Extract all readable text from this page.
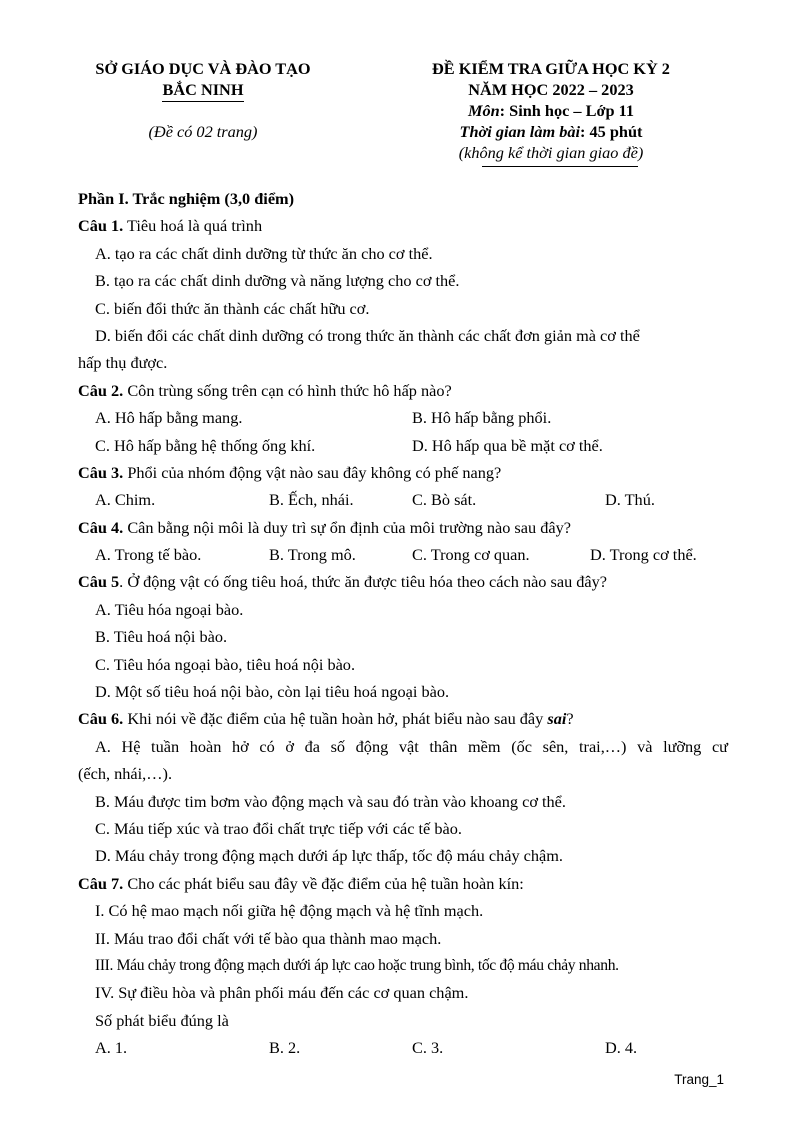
SỞ GIÁO DỤC VÀ ĐÀO TẠO
BẮC NINH
(Đề có 02 trang)
ĐỀ KIỂM TRA GIỮA HỌC KỲ 2
NĂM HỌC 2022 – 2023
Môn: Sinh học – Lớp 11
Thời gian làm bài: 45 phút
(không kể thời gian giao đề)
Phần I. Trắc nghiệm (3,0 điểm)
Câu 1. Tiêu hoá là quá trình
A. tạo ra các chất dinh dưỡng từ thức ăn cho cơ thể.
B. tạo ra các chất dinh dưỡng và năng lượng cho cơ thể.
C. biến đổi thức ăn thành các chất hữu cơ.
D. biến đổi các chất dinh dưỡng có trong thức ăn thành các chất đơn giản mà cơ thể
hấp thụ được.
Câu 2. Côn trùng sống trên cạn có hình thức hô hấp nào?
A. Hô hấp bằng mang.	B. Hô hấp bằng phổi.
C. Hô hấp bằng hệ thống ống khí.	D. Hô hấp qua bề mặt cơ thể.
Câu 3. Phổi của nhóm động vật nào sau đây không có phế nang?
A. Chim.	B. Ếch, nhái.	C. Bò sát.	D. Thú.
Câu 4. Cân bằng nội môi là duy trì sự ổn định của môi trường nào sau đây?
A. Trong tế bào.	B. Trong mô.	C. Trong cơ quan.	D. Trong cơ thể.
Câu 5. Ở động vật có ống tiêu hoá, thức ăn được tiêu hóa theo cách nào sau đây?
A. Tiêu hóa ngoại bào.
B. Tiêu hoá nội bào.
C. Tiêu hóa ngoại bào, tiêu hoá nội bào.
D. Một số tiêu hoá nội bào, còn lại tiêu hoá ngoại bào.
Câu 6. Khi nói về đặc điểm của hệ tuần hoàn hở, phát biểu nào sau đây sai?
A. Hệ tuần hoàn hở có ở đa số động vật thân mềm (ốc sên, trai,…) và lưỡng cư
(ếch, nhái,…).
B. Máu được tim bơm vào động mạch và sau đó tràn vào khoang cơ thể.
C. Máu tiếp xúc và trao đổi chất trực tiếp với các tế bào.
D. Máu chảy trong động mạch dưới áp lực thấp, tốc độ máu chảy chậm.
Câu 7. Cho các phát biểu sau đây về đặc điểm của hệ tuần hoàn kín:
I. Có hệ mao mạch nối giữa hệ động mạch và hệ tĩnh mạch.
II. Máu trao đổi chất với tế bào qua thành mao mạch.
III. Máu chảy trong động mạch dưới áp lực cao hoặc trung bình, tốc độ máu chảy nhanh.
IV. Sự điều hòa và phân phối máu đến các cơ quan chậm.
Số phát biểu đúng là
A. 1.	B. 2.	C. 3.	D. 4.
Trang_1
